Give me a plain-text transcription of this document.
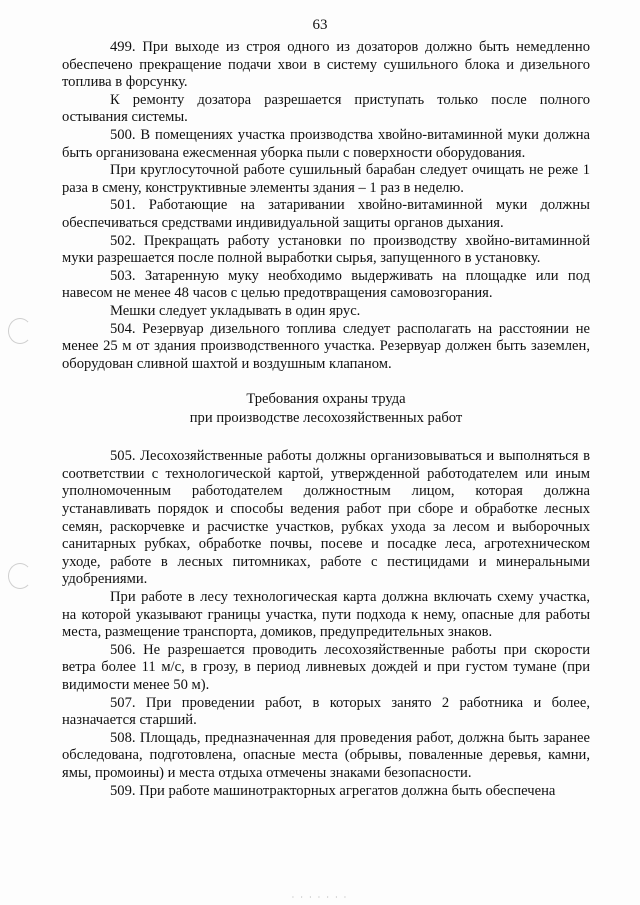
63

499. При выходе из строя одного из дозаторов должно быть немедленно обеспечено прекращение подачи хвои в систему сушильного блока и дизельного топлива в форсунку.

К ремонту дозатора разрешается приступать только после полного остывания системы.

500. В помещениях участка производства хвойно-витаминной муки должна быть организована ежесменная уборка пыли с поверхности оборудования.

При круглосуточной работе сушильный барабан следует очищать не реже 1 раза в смену, конструктивные элементы здания – 1 раз в неделю.

501. Работающие на затаривании хвойно-витаминной муки должны обеспечиваться средствами индивидуальной защиты органов дыхания.

502. Прекращать работу установки по производству хвойно-витаминной муки разрешается после полной выработки сырья, запущенного в установку.

503. Затаренную муку необходимо выдерживать на площадке или под навесом не менее 48 часов с целью предотвращения самовозгорания.

Мешки следует укладывать в один ярус.

504. Резервуар дизельного топлива следует располагать на расстоянии не менее 25 м от здания производственного участка. Резервуар должен быть заземлен, оборудован сливной шахтой и воздушным клапаном.

Требования охраны труда
при производстве лесохозяйственных работ

505. Лесохозяйственные работы должны организовываться и выполняться в соответствии с технологической картой, утвержденной работодателем или иным уполномоченным работодателем должностным лицом, которая должна устанавливать порядок и способы ведения работ при сборе и обработке лесных семян, раскорчевке и расчистке участков, рубках ухода за лесом и выборочных санитарных рубках, обработке почвы, посеве и посадке леса, агротехническом уходе, работе в лесных питомниках, работе с пестицидами и минеральными удобрениями.

При работе в лесу технологическая карта должна включать схему участка, на которой указывают границы участка, пути подхода к нему, опасные для работы места, размещение транспорта, домиков, предупредительных знаков.

506. Не разрешается проводить лесохозяйственные работы при скорости ветра более 11 м/с, в грозу, в период ливневых дождей и при густом тумане (при видимости менее 50 м).

507. При проведении работ, в которых занято 2 работника и более, назначается старший.

508. Площадь, предназначенная для проведения работ, должна быть заранее обследована, подготовлена, опасные места (обрывы, поваленные деревья, камни, ямы, промоины) и места отдыха отмечены знаками безопасности.

509. При работе машинотракторных агрегатов должна быть обеспечена

· · · · · · ·
